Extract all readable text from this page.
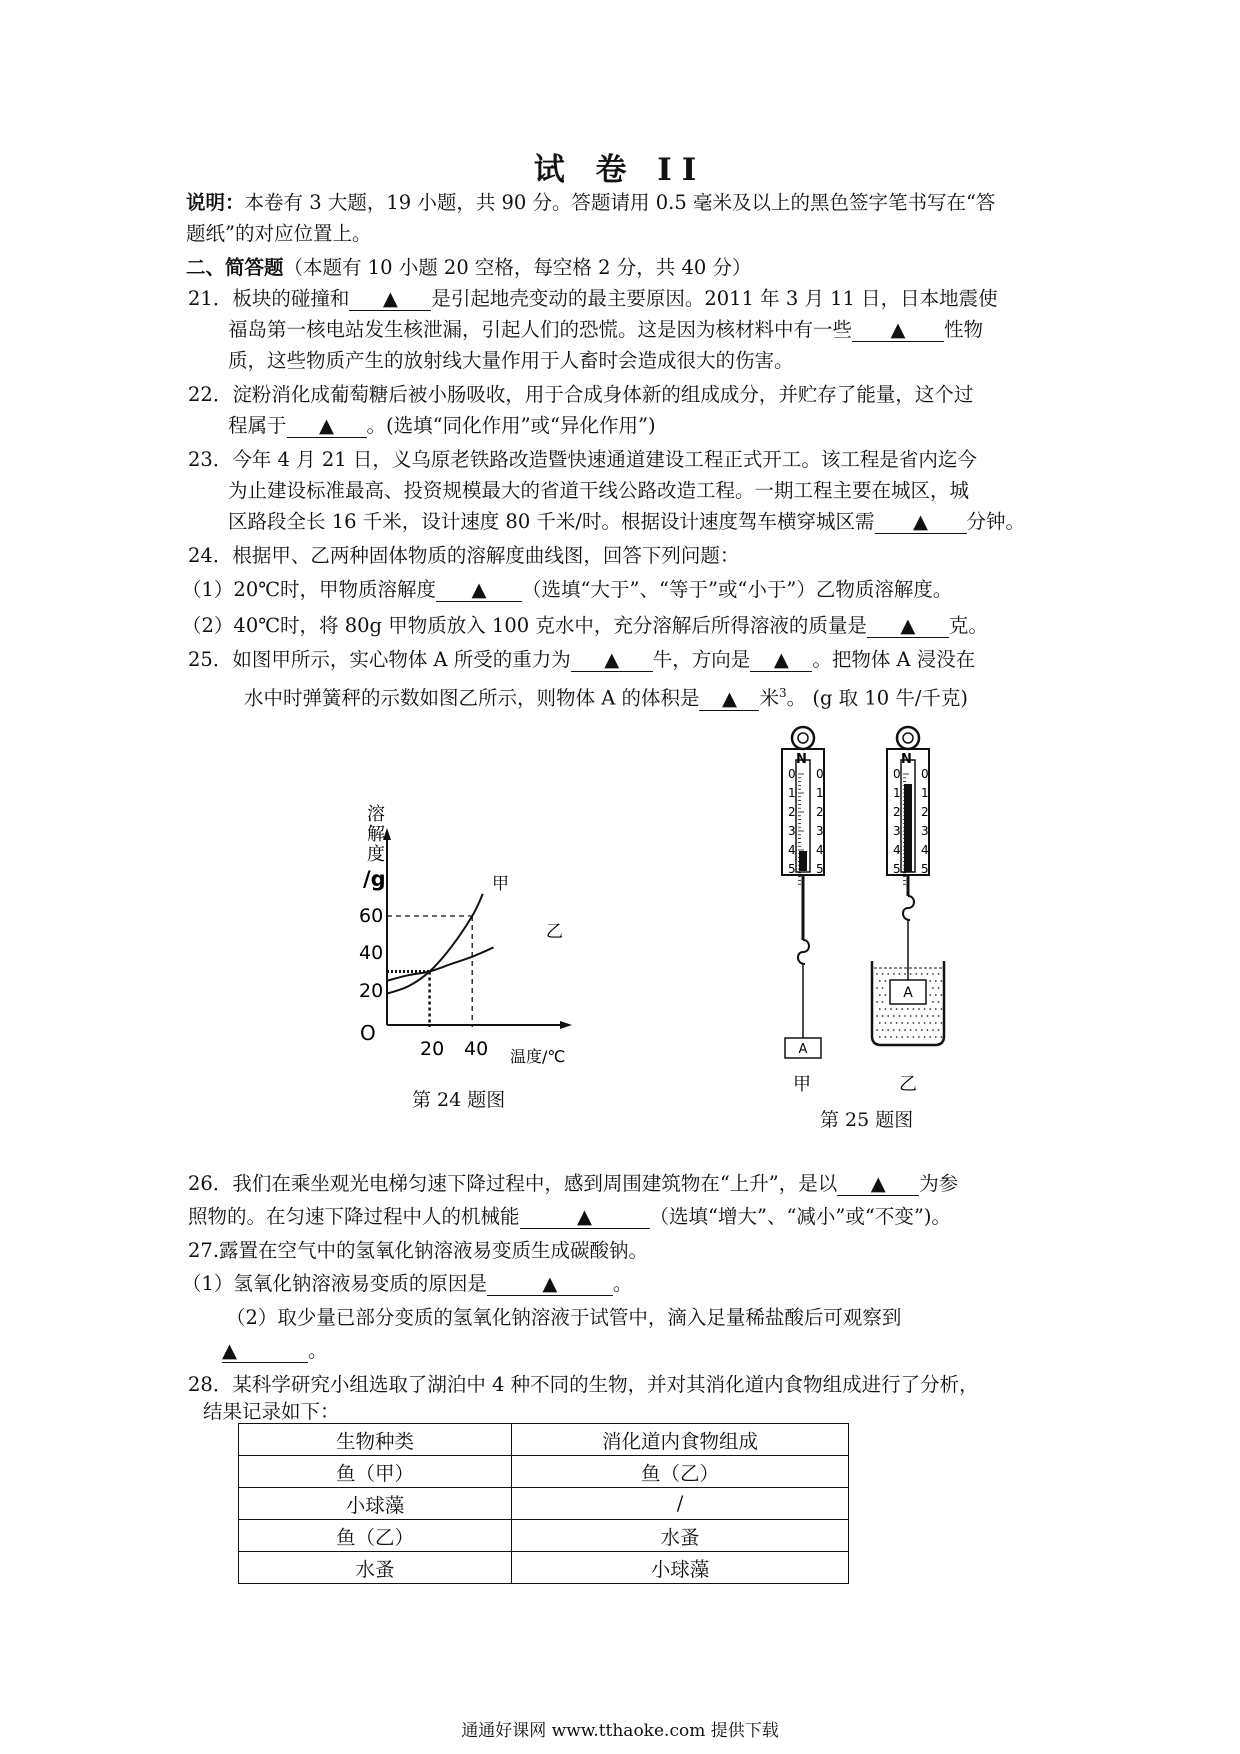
试 卷 II
说明：本卷有 3 大题，19 小题，共 90 分。答题请用 0.5 毫米及以上的黑色签字笔书写在“答
题纸”的对应位置上。
二、简答题（本题有 10 小题 20 空格，每空格 2 分，共 40 分）
21．板块的碰撞和 ▲ 是引起地壳变动的最主要原因。2011 年 3 月 11 日，日本地震使
福岛第一核电站发生核泄漏，引起人们的恐慌。这是因为核材料中有一些 ▲ 性物
质，这些物质产生的放射线大量作用于人畜时会造成很大的伤害。
22．淀粉消化成葡萄糖后被小肠吸收，用于合成身体新的组成成分，并贮存了能量，这个过
程属于 ▲ 。(选填“同化作用”或“异化作用”)
23．今年 4 月 21 日，义乌原老铁路改造暨快速通道建设工程正式开工。该工程是省内迄今
为止建设标准最高、投资规模最大的省道干线公路改造工程。一期工程主要在城区，城
区路段全长 16 千米，设计速度 80 千米/时。根据设计速度驾车横穿城区需 ▲ 分钟。
24．根据甲、乙两种固体物质的溶解度曲线图，回答下列问题：
（1）20℃时，甲物质溶解度 ▲ （选填“大于”、“等于”或“小于”）乙物质溶解度。
（2）40℃时，将 80g 甲物质放入 100 克水中，充分溶解后所得溶液的质量是 ▲ 克。
25．如图甲所示，实心物体 A 所受的重力为 ▲ 牛，方向是 ▲ 。把物体 A 浸没在
水中时弹簧秤的示数如图乙所示，则物体 A 的体积是 ▲ 米$^3$。 (g 取 10 牛/千克)
溶
解
度
/g
O
60
40
20
20 40 温度/℃
甲
乙
第 24 题图
N
0 0
1 1
2 2
3 3
4 4
5 5
A
甲
N
0 0
1 1
2 2
3 3
4 4
5 5
A
乙
第 25 题图
26．我们在乘坐观光电梯匀速下降过程中，感到周围建筑物在“上升”，是以 ▲ 为参
照物的。在匀速下降过程中人的机械能	▲	（选填“增大”、“减小”或“不变”)。
27.露置在空气中的氢氧化钠溶液易变质生成碳酸钠。
（1）氢氧化钠溶液易变质的原因是	▲	。
（2）取少量已部分变质的氢氧化钠溶液于试管中，滴入足量稀盐酸后可观察到
▲	。
28．某科学研究小组选取了湖泊中 4 种不同的生物，并对其消化道内食物组成进行了分析，
结果记录如下：
生物种类	消化道内食物组成
鱼（甲）	鱼（乙）
小球藻	/
鱼（乙）	水蚤
水蚤	小球藻
通通好课网 www.tthaoke.com 提供下载
